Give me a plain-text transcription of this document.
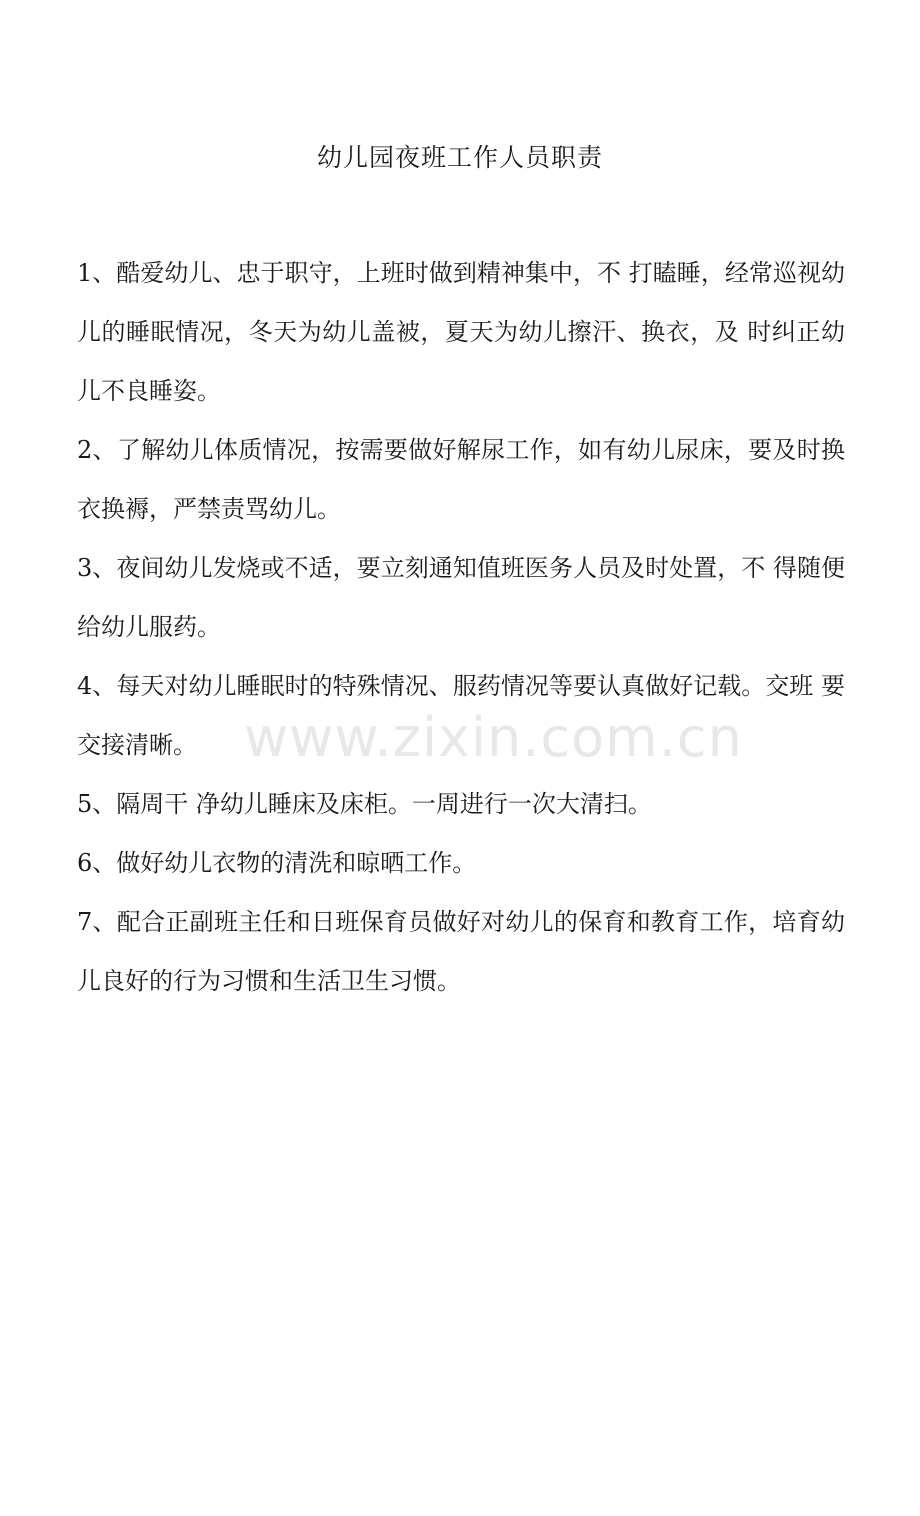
幼儿园夜班工作人员职责

1、酷爱幼儿、忠于职守，上班时做到精神集中，不 打瞌睡，经常巡视幼儿的睡眠情况，冬天为幼儿盖被，夏天为幼儿擦汗、换衣，及 时纠正幼儿不良睡姿。

2、了解幼儿体质情况，按需要做好解尿工作，如有幼儿尿床，要及时换衣换褥，严禁责骂幼儿。

3、夜间幼儿发烧或不适，要立刻通知值班医务人员及时处置，不 得随便给幼儿服药。

4、每天对幼儿睡眠时的特殊情况、服药情况等要认真做好记载。交班 要交接清晰。

5、隔周干 净幼儿睡床及床柜。一周进行一次大清扫。

6、做好幼儿衣物的清洗和晾晒工作。

7、配合正副班主任和日班保育员做好对幼儿的保育和教育工作，培育幼儿良好的行为习惯和生活卫生习惯。

www.zixin.com.cn
